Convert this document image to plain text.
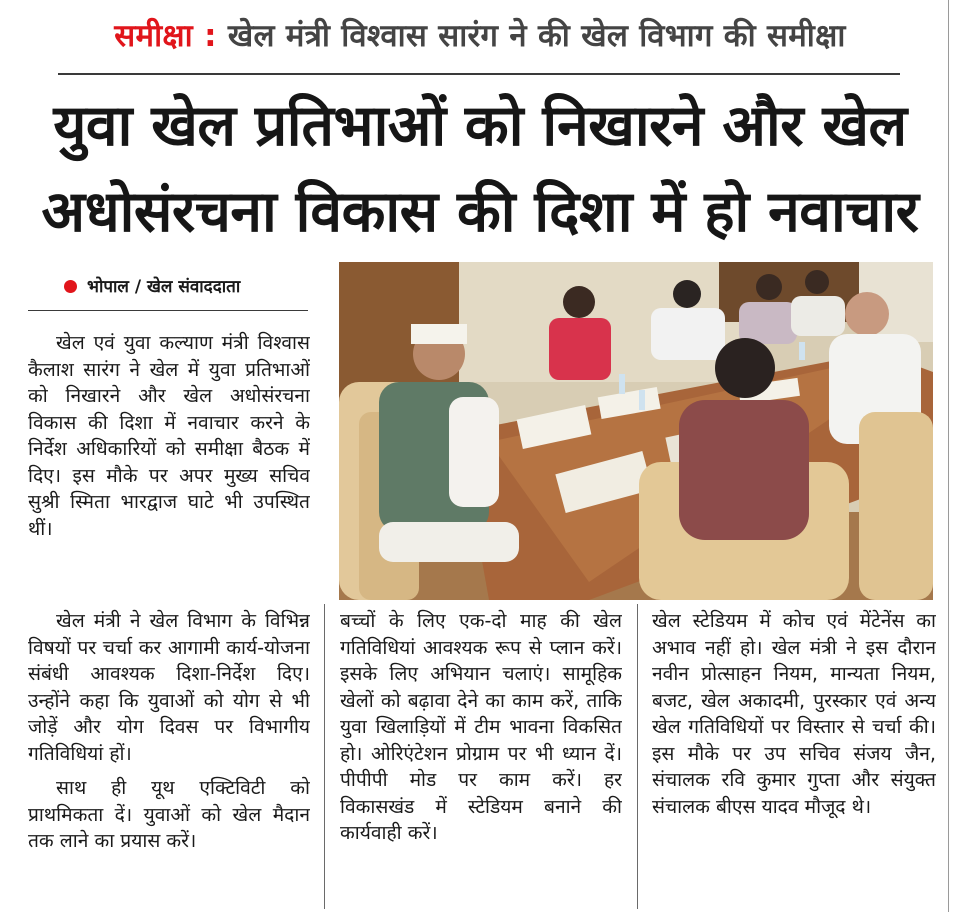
समीक्षा : खेल मंत्री विश्वास सारंग ने की खेल विभाग की समीक्षा
युवा खेल प्रतिभाओं को निखारने और खेल
अधोसंरचना विकास की दिशा में हो नवाचार
भोपाल / खेल संवाददाता

खेल एवं युवा कल्याण मंत्री विश्वास कैलाश सारंग ने खेल में युवा प्रतिभाओं को निखारने और खेल अधोसंरचना विकास की दिशा में नवाचार करने के निर्देश अधिकारियों को समीक्षा बैठक में दिए। इस मौके पर अपर मुख्य सचिव सुश्री स्मिता भारद्वाज घाटे भी उपस्थित थीं।

खेल मंत्री ने खेल विभाग के विभिन्न विषयों पर चर्चा कर आगामी कार्य-योजना संबंधी आवश्यक दिशा-निर्देश दिए। उन्होंने कहा कि युवाओं को योग से भी जोड़ें और योग दिवस पर विभागीय गतिविधियां हों।

साथ ही यूथ एक्टिविटी को प्राथमिकता दें। युवाओं को खेल मैदान तक लाने का प्रयास करें।

बच्चों के लिए एक-दो माह की खेल गतिविधियां आवश्यक रूप से प्लान करें। इसके लिए अभियान चलाएं। सामूहिक खेलों को बढ़ावा देने का काम करें, ताकि युवा खिलाड़ियों में टीम भावना विकसित हो। ओरिएंटेशन प्रोग्राम पर भी ध्यान दें। पीपीपी मोड पर काम करें। हर विकासखंड में स्टेडियम बनाने की कार्यवाही करें।

खेल स्टेडियम में कोच एवं मेंटेनेंस का अभाव नहीं हो। खेल मंत्री ने इस दौरान नवीन प्रोत्साहन नियम, मान्यता नियम, बजट, खेल अकादमी, पुरस्कार एवं अन्य खेल गतिविधियों पर विस्तार से चर्चा की। इस मौके पर उप सचिव संजय जैन, संचालक रवि कुमार गुप्ता और संयुक्त संचालक बीएस यादव मौजूद थे।
